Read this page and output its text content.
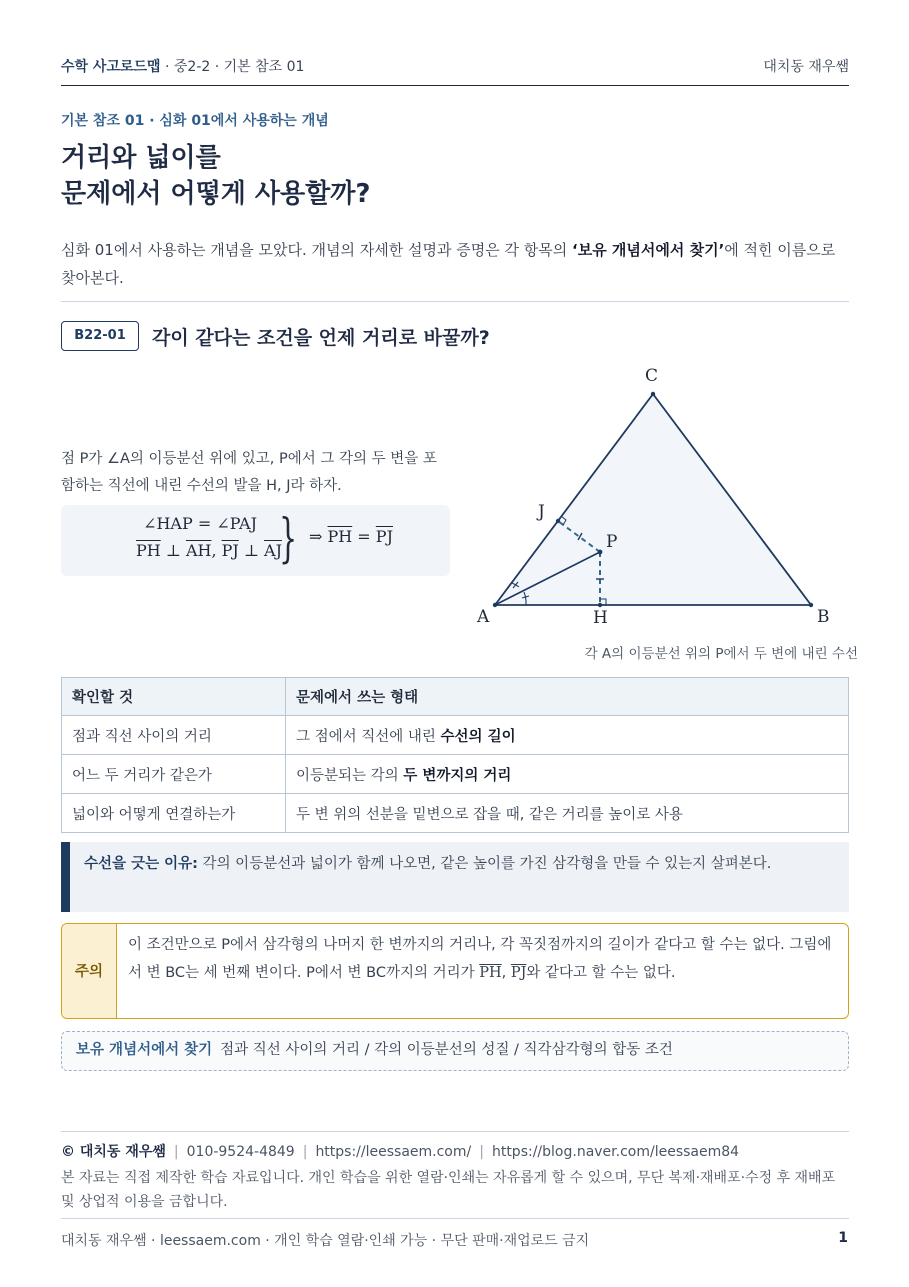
수학 사고로드맵 · 중2-2 · 기본 참조 01	대치동 재우쌤
기본 참조 01 · 심화 01에서 사용하는 개념
거리와 넓이를
문제에서 어떻게 사용할까?
심화 01에서 사용하는 개념을 모았다. 개념의 자세한 설명과 증명은 각 항목의 ‘보유 개념서에서 찾기’에 적힌 이름으로 찾아본다.
B22-01	각이 같다는 조건을 언제 거리로 바꿀까?
점 P가 ∠A의 이등분선 위에 있고, P에서 그 각의 두 변을 포함하는 직선에 내린 수선의 발을 H, J라 하자.
∠HAP = ∠PAJ
$\overline{PH}$ ⊥ $\overline{AH}$, $\overline{PJ}$ ⊥ $\overline{AJ}$
} ⇒ $\overline{PH} = \overline{PJ}$
A	B
C
H
J
P
각 A의 이등분선 위의 P에서 두 변에 내린 수선
확인할 것	문제에서 쓰는 형태
점과 직선 사이의 거리	그 점에서 직선에 내린 수선의 길이
어느 두 거리가 같은가	이등분되는 각의 두 변까지의 거리
넓이와 어떻게 연결하는가	두 변 위의 선분을 밑변으로 잡을 때, 같은 거리를 높이로 사용
수선을 긋는 이유: 각의 이등분선과 넓이가 함께 나오면, 같은 높이를 가진 삼각형을 만들 수 있는지 살펴본다.
주의
이 조건만으로 P에서 삼각형의 나머지 한 변까지의 거리나, 각 꼭짓점까지의 길이가 같다고 할 수는 없다. 그림에서 변 BC는 세 번째 변이다. P에서 변 BC까지의 거리가 $\overline{PH}$, $\overline{PJ}$와 같다고 할 수는 없다.
보유 개념서에서 찾기 점과 직선 사이의 거리 / 각의 이등분선의 성질 / 직각삼각형의 합동 조건
© 대치동 재우쌤 | 010-9524-4849 | https://leessaem.com/ | https://blog.naver.com/leessaem84
본 자료는 직접 제작한 학습 자료입니다. 개인 학습을 위한 열람·인쇄는 자유롭게 할 수 있으며, 무단 복제·재배포·수정 후 재배포 및 상업적 이용을 금합니다.
대치동 재우쌤 · leessaem.com · 개인 학습 열람·인쇄 가능 · 무단 판매·재업로드 금지	1
